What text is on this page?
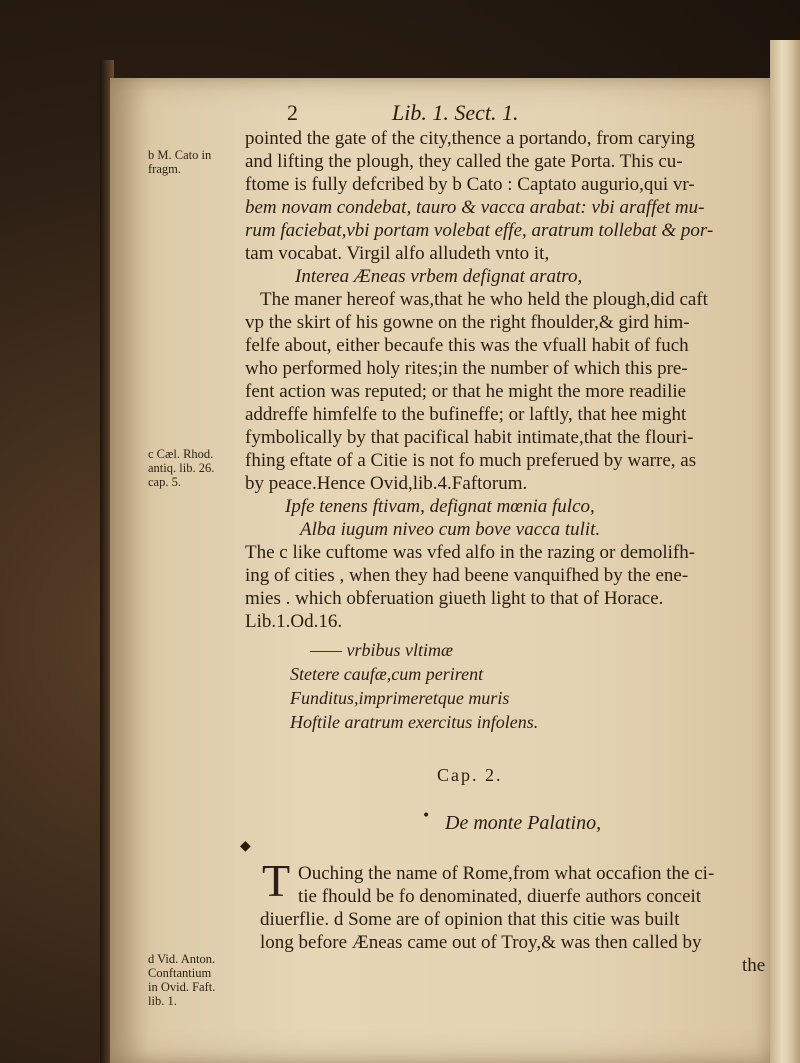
2	Lib. 1. Sect. 1.
b M. Cato in
fragm.
c Cæl. Rhod.
antiq. lib. 26.
cap. 5.
d Vid. Anton.
Conftantium
in Ovid. Faft.
lib. 1.
pointed the gate of the city,thence a portando, from carying
and lifting the plough, they called the gate Porta. This cu-
ftome is fully defcribed by b Cato : Captato augurio,qui vr-
bem novam condebat, tauro & vacca arabat: vbi araffet mu-
rum faciebat,vbi portam volebat effe, aratrum tollebat & por-
tam vocabat. Virgil alfo alludeth vnto it,
Interea Æneas vrbem defignat aratro,
The maner hereof was,that he who held the plough,did caft
vp the skirt of his gowne on the right fhoulder,& gird him-
felfe about, either becaufe this was the vfuall habit of fuch
who performed holy rites;in the number of which this pre-
fent action was reputed; or that he might the more readilie
addreffe himfelfe to the bufineffe; or laftly, that hee might
fymbolically by that pacifical habit intimate,that the flouri-
fhing eftate of a Citie is not fo much preferued by warre, as
by peace.Hence Ovid,lib.4.Faftorum.
Ipfe tenens ftivam, defignat mœnia fulco,
Alba iugum niveo cum bove vacca tulit.
The c like cuftome was vfed alfo in the razing or demolifh-
ing of cities , when they had beene vanquifhed by the ene-
mies . which obferuation giueth light to that of Horace.
Lib.1.Od.16.
—— vrbibus vltimæ
Stetere caufæ,cum perirent
Funditus,imprimeretque muris
Hoftile aratrum exercitus infolens.
Cap. 2.
• De monte Palatino,
◆
T Ouching the name of Rome,from what occafion the ci-
tie fhould be fo denominated, diuerfe authors conceit
diuerflie. d Some are of opinion that this citie was built
long before Æneas came out of Troy,& was then called by
the
